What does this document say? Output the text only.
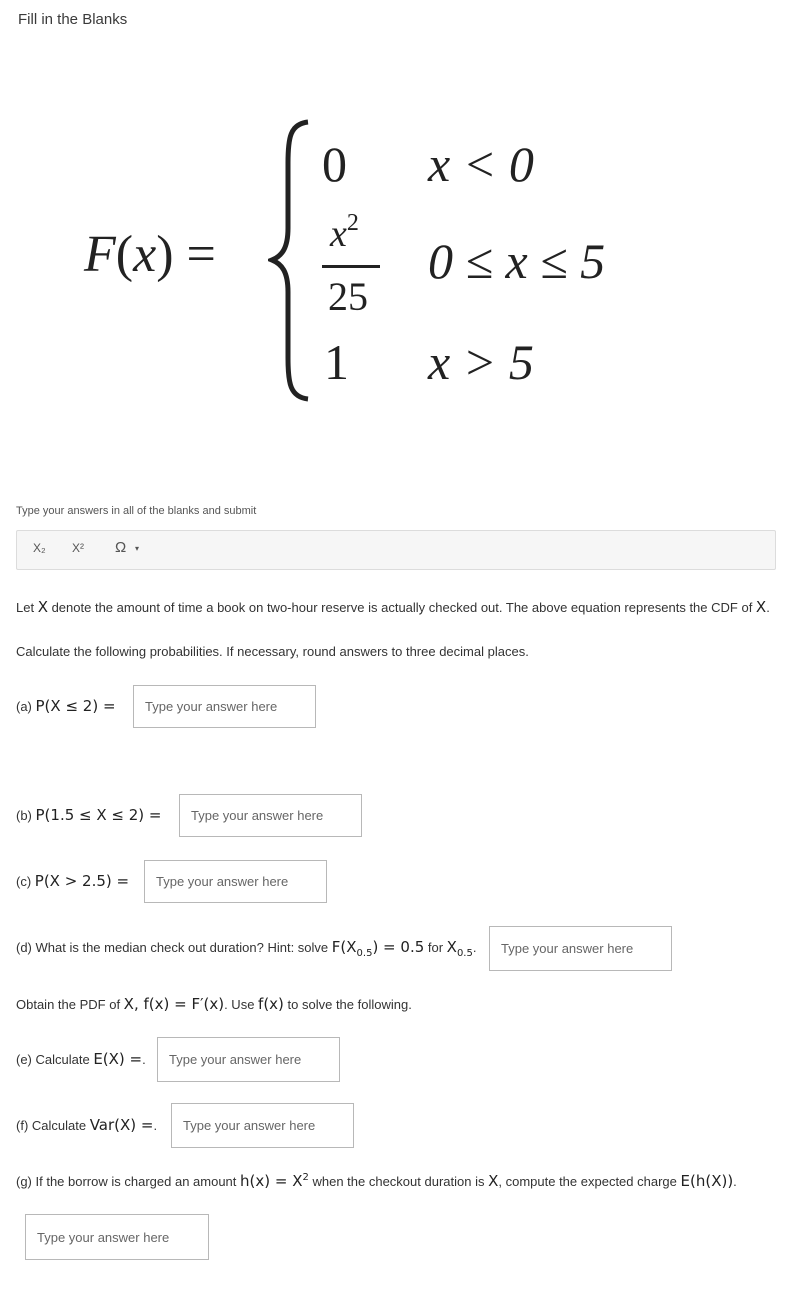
Fill in the Blanks
F(x) =
0 x < 0
$x^2$
25
0 ≤ x ≤ 5
1 x > 5
Type your answers in all of the blanks and submit
X₂ X² Ω ▾
Let X denote the amount of time a book on two-hour reserve is actually checked out. The above equation represents the CDF of X.
Calculate the following probabilities. If necessary, round answers to three decimal places.
(a) P(X ≤ 2) =
Type your answer here
(b) P(1.5 ≤ X ≤ 2) =
Type your answer here
(c) P(X > 2.5) =
Type your answer here
(d) What is the median check out duration? Hint: solve $F(X_{0.5}) = 0.5$ for $X_{0.5}$.
Type your answer here
Obtain the PDF of X, f(x) = F′(x). Use f(x) to solve the following.
(e) Calculate E(X) =.
Type your answer here
(f) Calculate Var(X) =.
Type your answer here
(g) If the borrow is charged an amount $h(x) = X^2$ when the checkout duration is X, compute the expected charge E(h(X)).
Type your answer here
